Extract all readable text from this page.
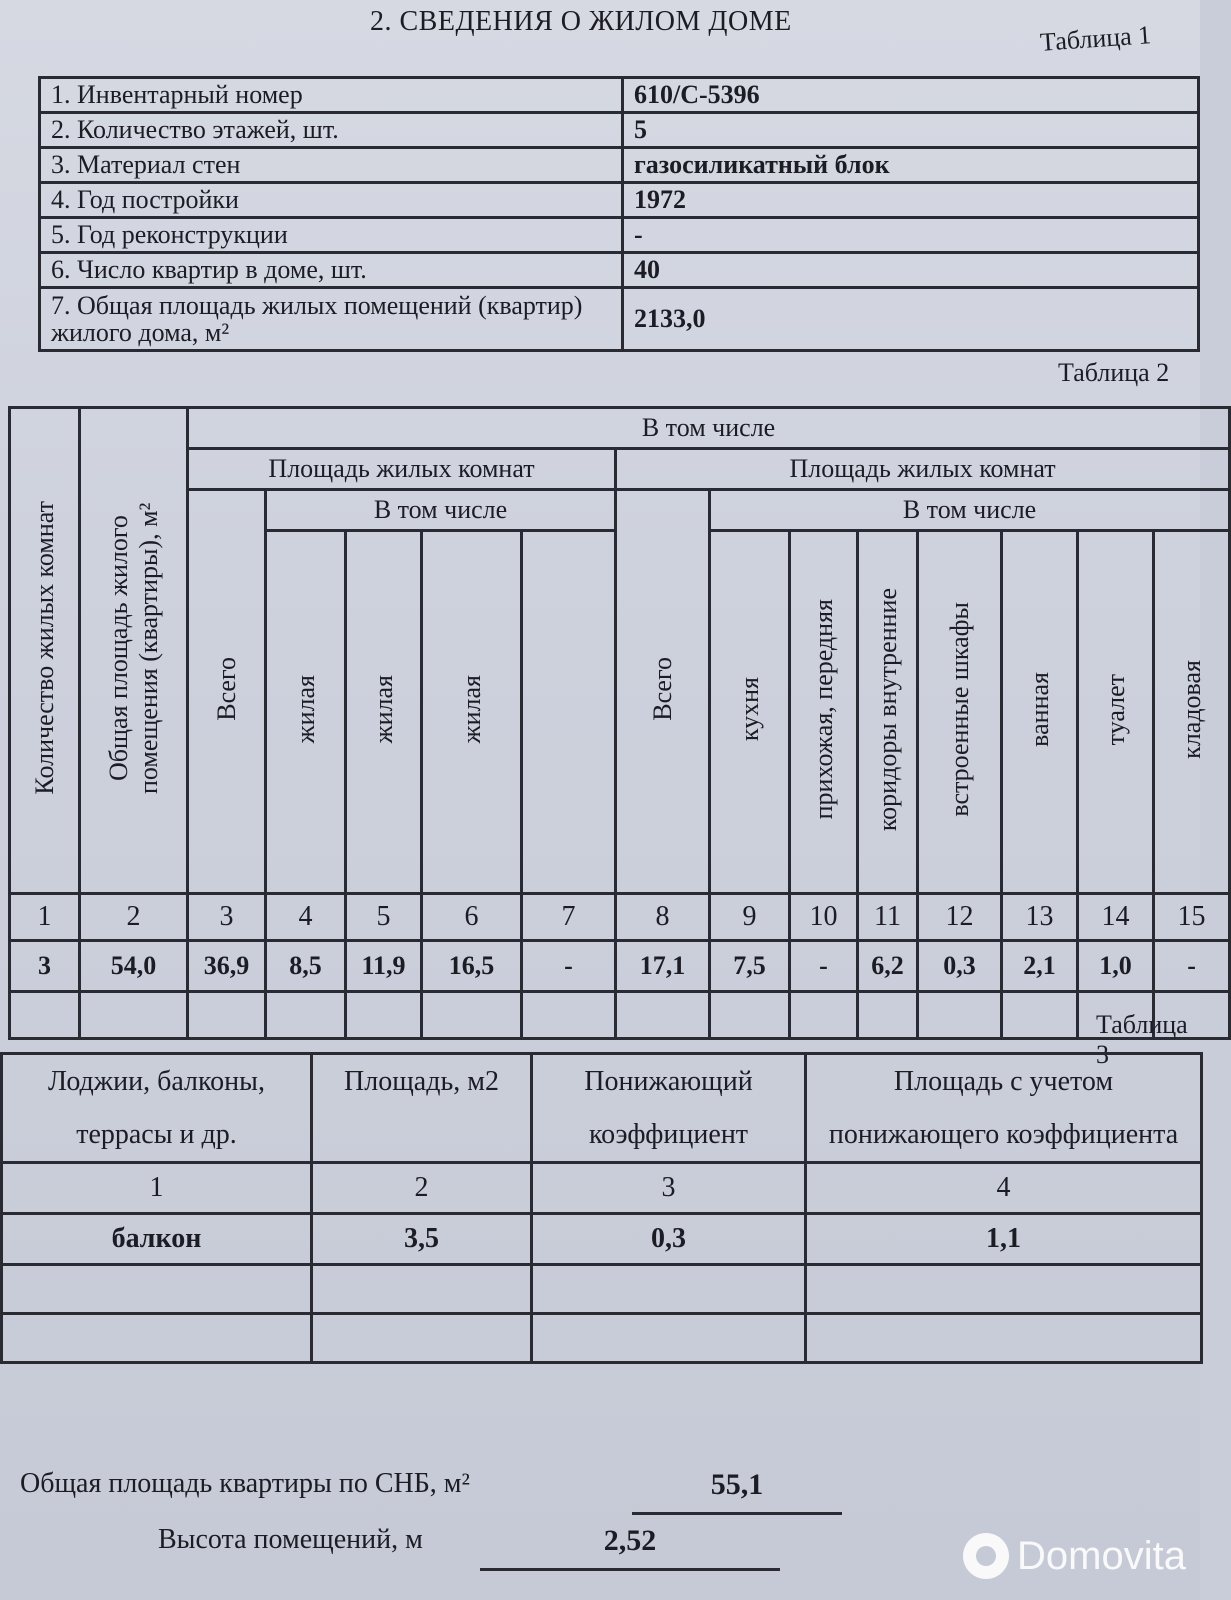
2. СВЕДЕНИЯ О ЖИЛОМ ДОМЕ	Таблица 1
1. Инвентарный номер	610/С-5396
2. Количество этажей, шт.	5
3. Материал стен	газосиликатный блок
4. Год постройки	1972
5. Год реконструкции	-
6. Число квартир в доме, шт.	40
7. Общая площадь жилых помещений (квартир) жилого дома, м²	2133,0
Таблица 2
Количество жилых комнат	Общая площадь жилого помещения (квартиры), м²	В том числе												
		Площадь жилых комнат					Площадь жилых комнат							
		Всего	В том числе				Всего	В том числе						
			жилая	жилая	жилая			кухня	прихожая, передняя	коридоры внутренние	встроенные шкафы	ванная	туалет	кладовая
1	2	3	4	5	6	7	8	9	10	11	12	13	14	15
3	54,0	36,9	8,5	11,9	16,5	-	17,1	7,5	-	6,2	0,3	2,1	1,0	-

Таблица 3
Лоджии, балконы, террасы и др.	Площадь, м2	Понижающий коэффициент	Площадь с учетом понижающего коэффициента
1	2	3	4
балкон	3,5	0,3	1,1

Общая площадь квартиры по СНБ, м²	55,1
Высота помещений, м	2,52	Domovita
